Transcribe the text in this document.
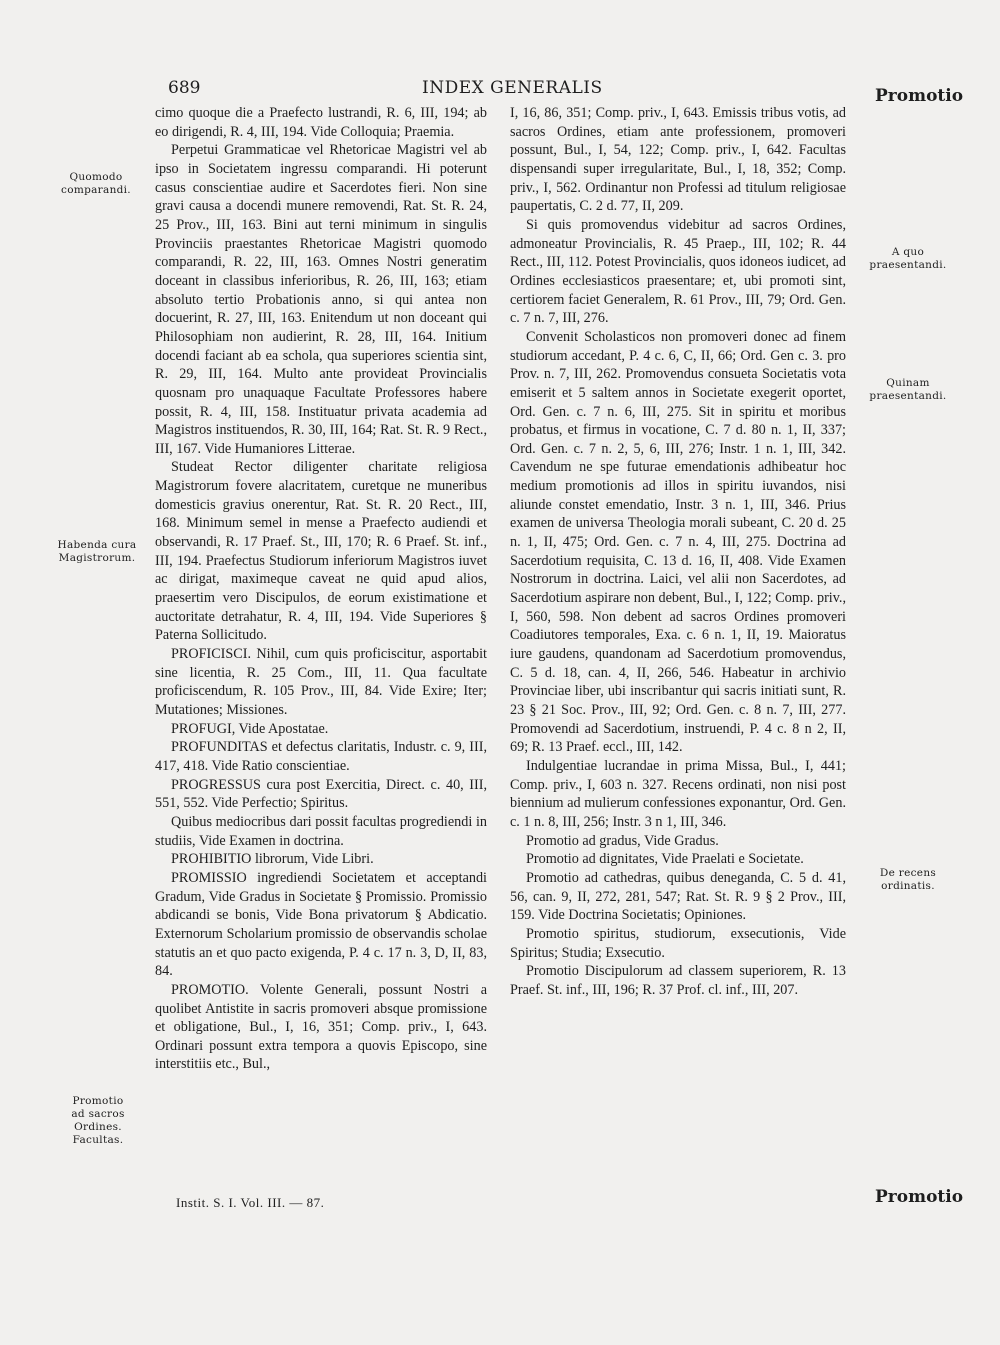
689	INDEX GENERALIS	Promotio
Quomodo
comparandi.
Habenda cura
Magistrorum.
Promotio
ad sacros
Ordines.
Facultas.
A quo
praesentandi.
Quinam
praesentandi.
De recens
ordinatis.

cimo quoque die a Praefecto lustrandi, R. 6, III, 194; ab eo dirigendi, R. 4, III, 194. Vide Colloquia; Praemia.

Perpetui Grammaticae vel Rhetoricae Magistri vel ab ipso in Societatem ingressu comparandi. Hi poterunt casus conscientiae audire et Sacerdotes fieri. Non sine gravi causa a docendi munere removendi, Rat. St. R. 24, 25 Prov., III, 163. Bini aut terni minimum in singulis Provinciis praestantes Rhetoricae Magistri quomodo comparandi, R. 22, III, 163. Omnes Nostri generatim doceant in classibus inferioribus, R. 26, III, 163; etiam absoluto tertio Probationis anno, si qui antea non docuerint, R. 27, III, 163. Enitendum ut non doceant qui Philosophiam non audierint, R. 28, III, 164. Initium docendi faciant ab ea schola, qua superiores scientia sint, R. 29, III, 164. Multo ante provideat Provincialis quosnam pro unaquaque Facultate Professores habere possit, R. 4, III, 158. Instituatur privata academia ad Magistros instituendos, R. 30, III, 164; Rat. St. R. 9 Rect., III, 167. Vide Humaniores Litterae.

Studeat Rector diligenter charitate religiosa Magistrorum fovere alacritatem, curetque ne muneribus domesticis gravius onerentur, Rat. St. R. 20 Rect., III, 168. Minimum semel in mense a Praefecto audiendi et observandi, R. 17 Praef. St., III, 170; R. 6 Praef. St. inf., III, 194. Praefectus Studiorum inferiorum Magistros iuvet ac dirigat, maximeque caveat ne quid apud alios, praesertim vero Discipulos, de eorum existimatione et auctoritate detrahatur, R. 4, III, 194. Vide Superiores § Paterna Sollicitudo.

PROFICISCI. Nihil, cum quis proficiscitur, asportabit sine licentia, R. 25 Com., III, 11. Qua facultate proficiscendum, R. 105 Prov., III, 84. Vide Exire; Iter; Mutationes; Missiones.

PROFUGI, Vide Apostatae.

PROFUNDITAS et defectus claritatis, Industr. c. 9, III, 417, 418. Vide Ratio conscientiae.

PROGRESSUS cura post Exercitia, Direct. c. 40, III, 551, 552. Vide Perfectio; Spiritus.

Quibus mediocribus dari possit facultas progrediendi in studiis, Vide Examen in doctrina.

PROHIBITIO librorum, Vide Libri.

PROMISSIO ingrediendi Societatem et acceptandi Gradum, Vide Gradus in Societate § Promissio. Promissio abdicandi se bonis, Vide Bona privatorum § Abdicatio. Externorum Scholarium promissio de observandis scholae statutis an et quo pacto exigenda, P. 4 c. 17 n. 3, D, II, 83, 84.

PROMOTIO. Volente Generali, possunt Nostri a quolibet Antistite in sacris promoveri absque promissione et obligatione, Bul., I, 16, 351; Comp. priv., I, 643. Ordinari possunt extra tempora a quovis Episcopo, sine interstitiis etc., Bul.,

I, 16, 86, 351; Comp. priv., I, 643. Emissis tribus votis, ad sacros Ordines, etiam ante professionem, promoveri possunt, Bul., I, 54, 122; Comp. priv., I, 642. Facultas dispensandi super irregularitate, Bul., I, 18, 352; Comp. priv., I, 562. Ordinantur non Professi ad titulum religiosae paupertatis, C. 2 d. 77, II, 209.

Si quis promovendus videbitur ad sacros Ordines, admoneatur Provincialis, R. 45 Praep., III, 102; R. 44 Rect., III, 112. Potest Provincialis, quos idoneos iudicet, ad Ordines ecclesiasticos praesentare; et, ubi promoti sint, certiorem faciet Generalem, R. 61 Prov., III, 79; Ord. Gen. c. 7 n. 7, III, 276.

Convenit Scholasticos non promoveri donec ad finem studiorum accedant, P. 4 c. 6, C, II, 66; Ord. Gen c. 3. pro Prov. n. 7, III, 262. Promovendus consueta Societatis vota emiserit et 5 saltem annos in Societate exegerit oportet, Ord. Gen. c. 7 n. 6, III, 275. Sit in spiritu et moribus probatus, et firmus in vocatione, C. 7 d. 80 n. 1, II, 337; Ord. Gen. c. 7 n. 2, 5, 6, III, 276; Instr. 1 n. 1, III, 342. Cavendum ne spe futurae emendationis adhibeatur hoc medium promotionis ad illos in spiritu iuvandos, nisi aliunde constet emendatio, Instr. 3 n. 1, III, 346. Prius examen de universa Theologia morali subeant, C. 20 d. 25 n. 1, II, 475; Ord. Gen. c. 7 n. 4, III, 275. Doctrina ad Sacerdotium requisita, C. 13 d. 16, II, 408. Vide Examen Nostrorum in doctrina. Laici, vel alii non Sacerdotes, ad Sacerdotium aspirare non debent, Bul., I, 122; Comp. priv., I, 560, 598. Non debent ad sacros Ordines promoveri Coadiutores temporales, Exa. c. 6 n. 1, II, 19. Maioratus iure gaudens, quandonam ad Sacerdotium promovendus, C. 5 d. 18, can. 4, II, 266, 546. Habeatur in archivio Provinciae liber, ubi inscribantur qui sacris initiati sunt, R. 23 § 21 Soc. Prov., III, 92; Ord. Gen. c. 8 n. 7, III, 277. Promovendi ad Sacerdotium, instruendi, P. 4 c. 8 n 2, II, 69; R. 13 Praef. eccl., III, 142.

Indulgentiae lucrandae in prima Missa, Bul., I, 441; Comp. priv., I, 603 n. 327. Recens ordinati, non nisi post biennium ad mulierum confessiones exponantur, Ord. Gen. c. 1 n. 8, III, 256; Instr. 3 n 1, III, 346.

Promotio ad gradus, Vide Gradus.

Promotio ad dignitates, Vide Praelati e Societate.

Promotio ad cathedras, quibus deneganda, C. 5 d. 41, 56, can. 9, II, 272, 281, 547; Rat. St. R. 9 § 2 Prov., III, 159. Vide Doctrina Societatis; Opiniones.

Promotio spiritus, studiorum, exsecutionis, Vide Spiritus; Studia; Exsecutio.

Promotio Discipulorum ad classem superiorem, R. 13 Praef. St. inf., III, 196; R. 37 Prof. cl. inf., III, 207.

Instit. S. I. Vol. III. — 87.	Promotio
